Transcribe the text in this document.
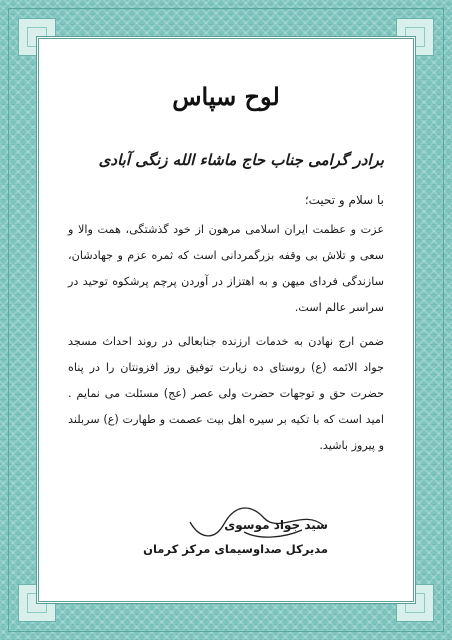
لوح سپاس

برادر گرامی جناب حاج ماشاء الله زنگی آبادی

با سلام و تحیت؛

عزت و عظمت ایران اسلامی مرهون از خود گذشتگی، همت والا و سعی و تلاش بی وقفه بزرگمردانی است که ثمره عزم و جهادشان، سازندگی فردای میهن و به اهتزاز در آوردن پرچم پرشکوه توحید در سراسر عالم است.

ضمن ارج نهادن به خدمات ارزنده جنابعالی در روند احداث مسجد جواد الائمه (ع) روستای ده زیارت توفیق روز افزونتان را در پناه حضرت حق و توجهات حضرت ولی عصر (عج) مسئلت می نمایم . امید است که با تکیه بر سیره اهل بیت عصمت و طهارت (ع) سربلند و پیروز باشید.

سید جواد موسوی

مدیرکل صداوسیمای مرکز کرمان
